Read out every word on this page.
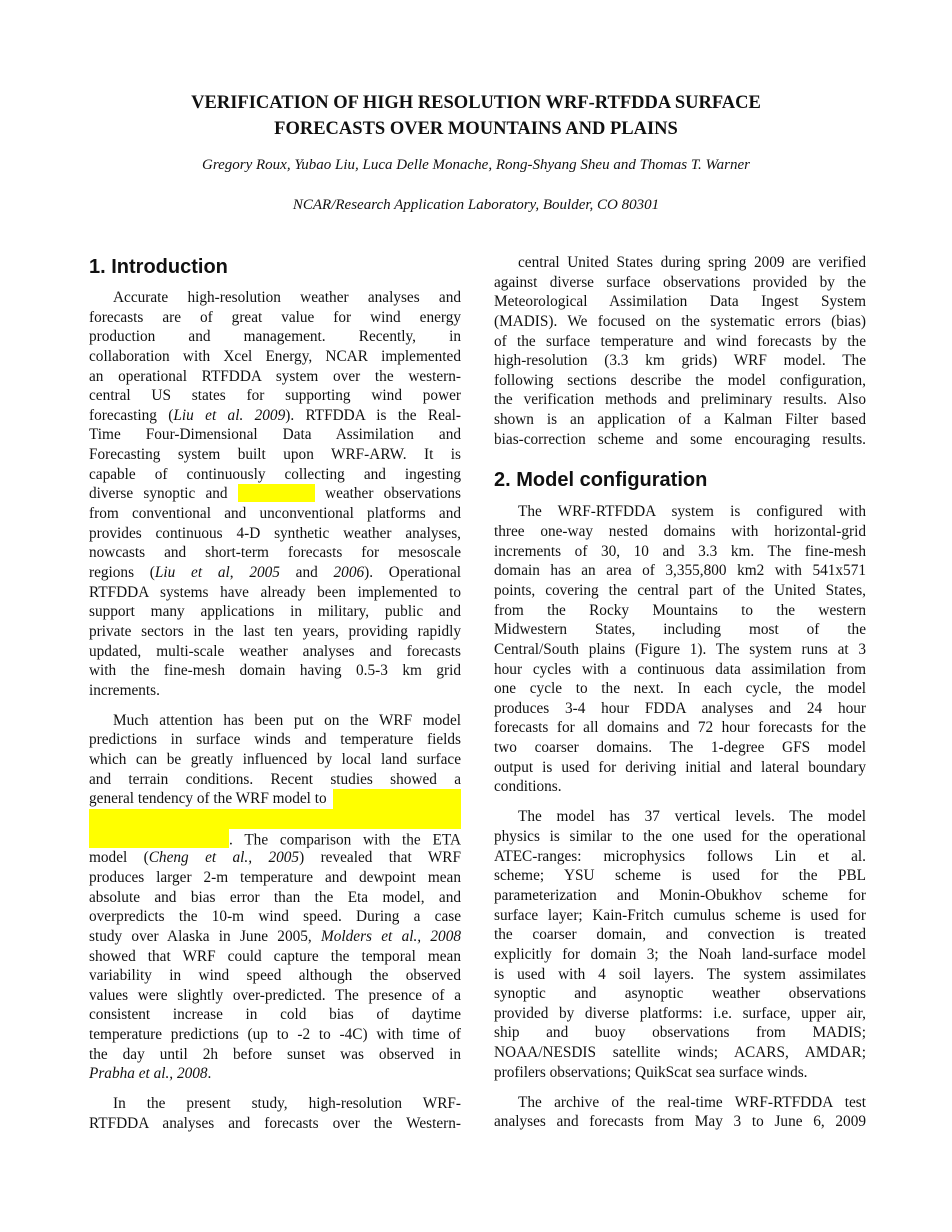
VERIFICATION OF HIGH RESOLUTION WRF-RTFDDA SURFACE
FORECASTS OVER MOUNTAINS AND PLAINS
Gregory Roux, Yubao Liu, Luca Delle Monache, Rong-Shyang Sheu and Thomas T. Warner
NCAR/Research Application Laboratory, Boulder, CO 80301
1. Introduction
Accurate high-resolution weather analyses and
forecasts are of great value for wind energy
production and management. Recently, in
collaboration with Xcel Energy, NCAR implemented
an operational RTFDDA system over the western-
central US states for supporting wind power
forecasting (Liu et al. 2009). RTFDDA is the Real-
Time Four-Dimensional Data Assimilation and
Forecasting system built upon WRF-ARW. It is
capable of continuously collecting and ingesting
diverse synoptic and	weather observations
from conventional and unconventional platforms and
provides continuous 4-D synthetic weather analyses,
nowcasts and short-term forecasts for mesoscale
regions (Liu et al, 2005 and 2006). Operational
RTFDDA systems have already been implemented to
support many applications in military, public and
private sectors in the last ten years, providing rapidly
updated, multi-scale weather analyses and forecasts
with the fine-mesh domain having 0.5-3 km grid
increments.
Much attention has been put on the WRF model
predictions in surface winds and temperature fields
which can be greatly influenced by local land surface
and terrain conditions. Recent studies showed a
general tendency of the WRF model to
. The comparison with the ETA
model (Cheng et al., 2005) revealed that WRF
produces larger 2-m temperature and dewpoint mean
absolute and bias error than the Eta model, and
overpredicts the 10-m wind speed. During a case
study over Alaska in June 2005, Molders et al., 2008
showed that WRF could capture the temporal mean
variability in wind speed although the observed
values were slightly over-predicted. The presence of a
consistent increase in cold bias of daytime
temperature predictions (up to -2 to -4C) with time of
the day until 2h before sunset was observed in
Prabha et al., 2008.
In the present study, high-resolution WRF-
RTFDDA analyses and forecasts over the Western-
central United States during spring 2009 are verified
against diverse surface observations provided by the
Meteorological Assimilation Data Ingest System
(MADIS). We focused on the systematic errors (bias)
of the surface temperature and wind forecasts by the
high-resolution (3.3 km grids) WRF model. The
following sections describe the model configuration,
the verification methods and preliminary results. Also
shown is an application of a Kalman Filter based
bias-correction scheme and some encouraging results.
2. Model configuration
The WRF-RTFDDA system is configured with
three one-way nested domains with horizontal-grid
increments of 30, 10 and 3.3 km. The fine-mesh
domain has an area of 3,355,800 km2 with 541x571
points, covering the central part of the United States,
from the Rocky Mountains to the western
Midwestern States, including most of the
Central/South plains (Figure 1). The system runs at 3
hour cycles with a continuous data assimilation from
one cycle to the next. In each cycle, the model
produces 3-4 hour FDDA analyses and 24 hour
forecasts for all domains and 72 hour forecasts for the
two coarser domains. The 1-degree GFS model
output is used for deriving initial and lateral boundary
conditions.
The model has 37 vertical levels. The model
physics is similar to the one used for the operational
ATEC-ranges: microphysics follows Lin et al.
scheme; YSU scheme is used for the PBL
parameterization and Monin-Obukhov scheme for
surface layer; Kain-Fritch cumulus scheme is used for
the coarser domain, and convection is treated
explicitly for domain 3; the Noah land-surface model
is used with 4 soil layers. The system assimilates
synoptic and asynoptic weather observations
provided by diverse platforms: i.e. surface, upper air,
ship and buoy observations from MADIS;
NOAA/NESDIS satellite winds; ACARS, AMDAR;
profilers observations; QuikScat sea surface winds.
The archive of the real-time WRF-RTFDDA test
analyses and forecasts from May 3 to June 6, 2009
